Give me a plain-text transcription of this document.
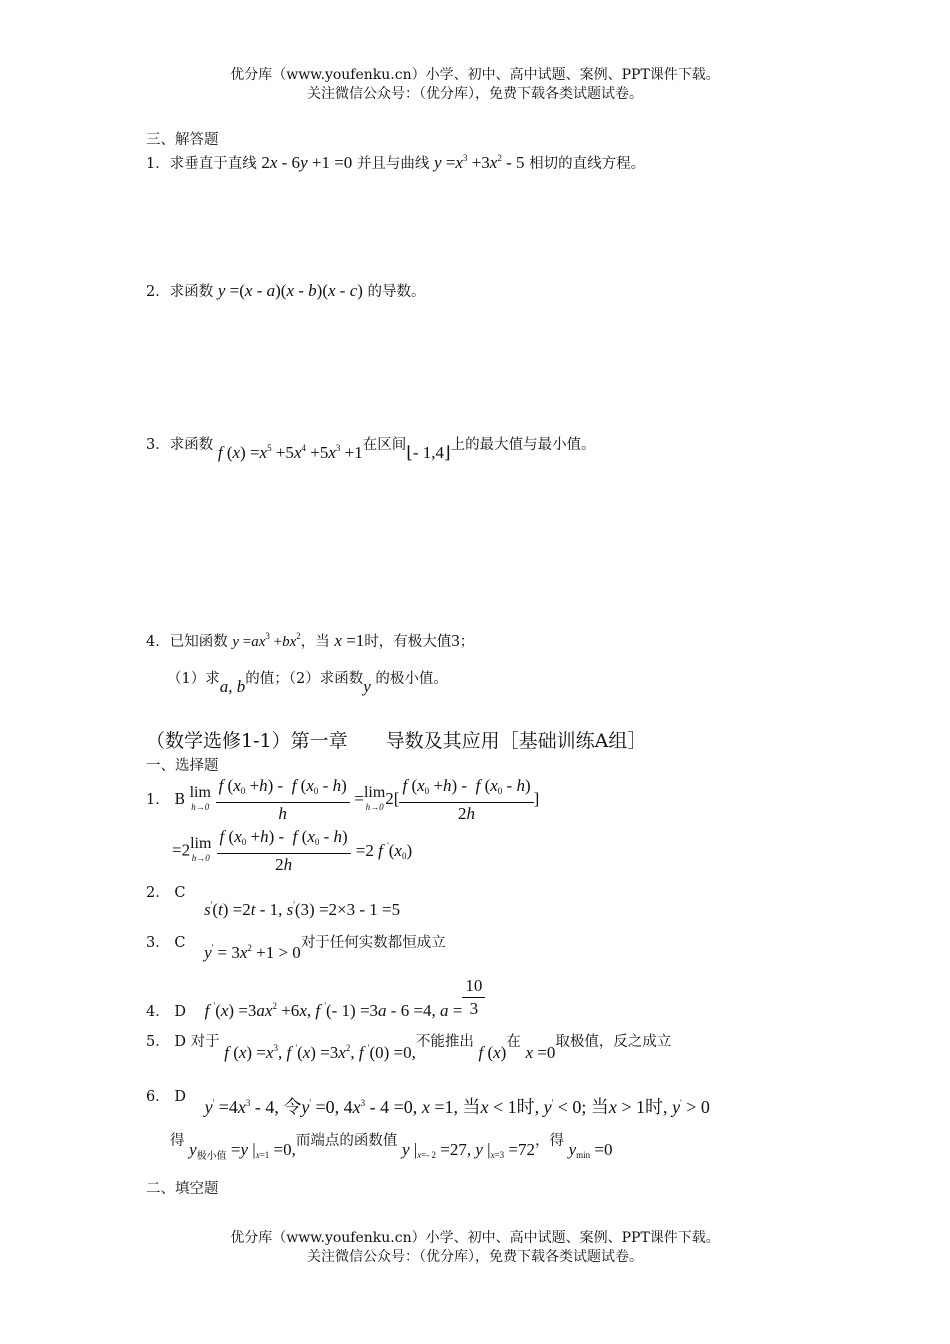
优分库（www.youfenku.cn）小学、初中、高中试题、案例、PPT课件下载。
关注微信公众号：（优分库），免费下载各类试题试卷。
三、解答题
1．求垂直于直线 2x - 6y +1 =0 并且与曲线 $y =x^3 +3x^2 - 5$ 相切的直线方程。
2．求函数 y =(x - a)(x - b)(x - c) 的导数。
3．求函数 f $(x) =x^5 +5x^4 +5x^3 +1$在区间⌊- 1,4⌋上的最大值与最小值。
4．已知函数 $y =ax^3 +bx^2$，当 x =1时，有极大值3；
（1）求a, b的值；（2）求函数y 的极小值。
（数学选修1-1）第一章　　导数及其应用［基础训练A组］
一、选择题
1． B lim
h→0
$\frac{f (x_0 +h) - f (x_0 - h)}{h} = \lim$
h→0 $2[ \frac{f (x_0 +h) - f (x_0 - h)}{2h}$ ]
=2 lim
h→0
$\frac{f (x_0 +h) - f (x_0 - h)}{2h} =2$ f $'(x_0)$
2． C s'(t) =2t - 1, s'(3) =2×3 - 1 =5
3． C $y' = 3x^2 +1 > 0$对于任何实数都恒成立
4． D f $'(x) =3ax^2 +6x$, f '(- 1) =3a - 6 =4, $a = \frac{10}{3}$
5． D 对于 f $(x) =x^3$, f $'(x) =3x^2$, f '(0) =0,不能推出 f (x)在 x =0取极值，反之成立
6． D $y' =4x^3 - 4$, 令y' =0, $4x^3 - 4 =0$, x =1, 当x < 1时, y' < 0; 当x > 1时, y' > 0
得 $y_{极小值} =y$ $|_{x=1} =0$,而端点的函数值 y $|_{x=- 2} =27$, y $|_{x=3} =72$，得 $y_{min} =0$
二、填空题
优分库（www.youfenku.cn）小学、初中、高中试题、案例、PPT课件下载。
关注微信公众号：（优分库），免费下载各类试题试卷。
